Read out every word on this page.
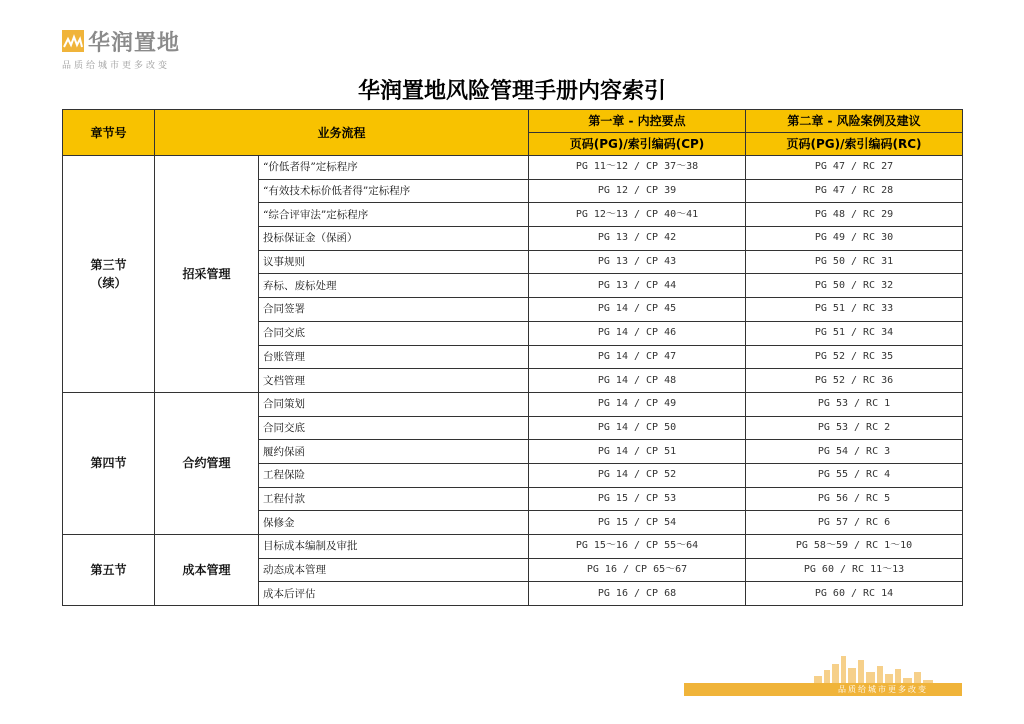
华润置地
品质给城市更多改变
华润置地风险管理手册内容索引
章节号	业务流程		第一章 - 内控要点	第二章 - 风险案例及建议
			页码(PG)/索引编码(CP)	页码(PG)/索引编码(RC)
第三节
（续）	招采管理	“价低者得”定标程序	PG 11～12 / CP 37～38	PG 47 / RC 27
		“有效技术标价低者得”定标程序	PG 12 / CP 39	PG 47 / RC 28
		“综合评审法”定标程序	PG 12～13 / CP 40～41	PG 48 / RC 29
		投标保证金（保函）	PG 13 / CP 42	PG 49 / RC 30
		议事规则	PG 13 / CP 43	PG 50 / RC 31
		弃标、废标处理	PG 13 / CP 44	PG 50 / RC 32
		合同签署	PG 14 / CP 45	PG 51 / RC 33
		合同交底	PG 14 / CP 46	PG 51 / RC 34
		台账管理	PG 14 / CP 47	PG 52 / RC 35
		文档管理	PG 14 / CP 48	PG 52 / RC 36
第四节	合约管理	合同策划	PG 14 / CP 49	PG 53 / RC 1
		合同交底	PG 14 / CP 50	PG 53 / RC 2
		履约保函	PG 14 / CP 51	PG 54 / RC 3
		工程保险	PG 14 / CP 52	PG 55 / RC 4
		工程付款	PG 15 / CP 53	PG 56 / RC 5
		保修金	PG 15 / CP 54	PG 57 / RC 6
第五节	成本管理	目标成本编制及审批	PG 15～16 / CP 55～64	PG 58～59 / RC 1～10
		动态成本管理	PG 16 / CP 65～67	PG 60 / RC 11～13
		成本后评估	PG 16 / CP 68	PG 60 / RC 14
品质给城市更多改变
